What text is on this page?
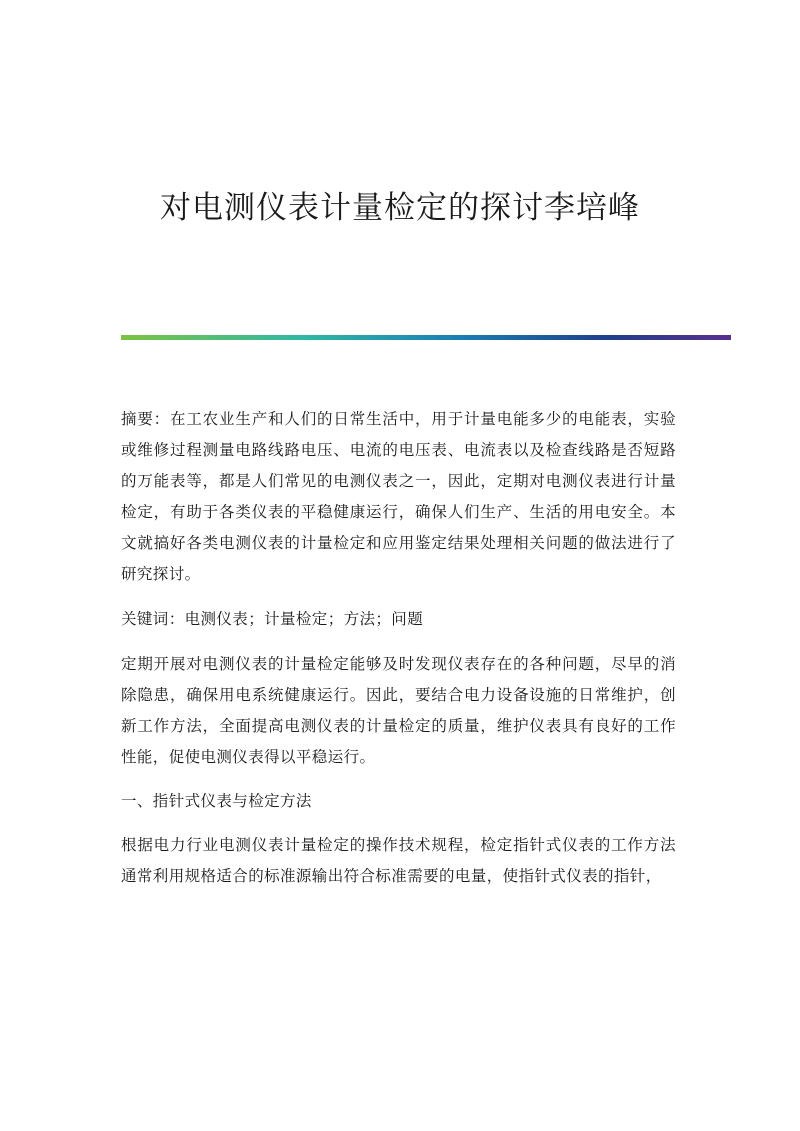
对电测仪表计量检定的探讨李培峰

摘要：在工农业生产和人们的日常生活中，用于计量电能多少的电能表，实验或维修过程测量电路线路电压、电流的电压表、电流表以及检查线路是否短路的万能表等，都是人们常见的电测仪表之一，因此，定期对电测仪表进行计量检定，有助于各类仪表的平稳健康运行，确保人们生产、生活的用电安全。本文就搞好各类电测仪表的计量检定和应用鉴定结果处理相关问题的做法进行了研究探讨。

关键词：电测仪表；计量检定；方法；问题

定期开展对电测仪表的计量检定能够及时发现仪表存在的各种问题，尽早的消除隐患，确保用电系统健康运行。因此，要结合电力设备设施的日常维护，创新工作方法，全面提高电测仪表的计量检定的质量，维护仪表具有良好的工作性能，促使电测仪表得以平稳运行。

一、指针式仪表与检定方法

根据电力行业电测仪表计量检定的操作技术规程，检定指针式仪表的工作方法通常利用规格适合的标准源输出符合标准需要的电量，使指针式仪表的指针，
